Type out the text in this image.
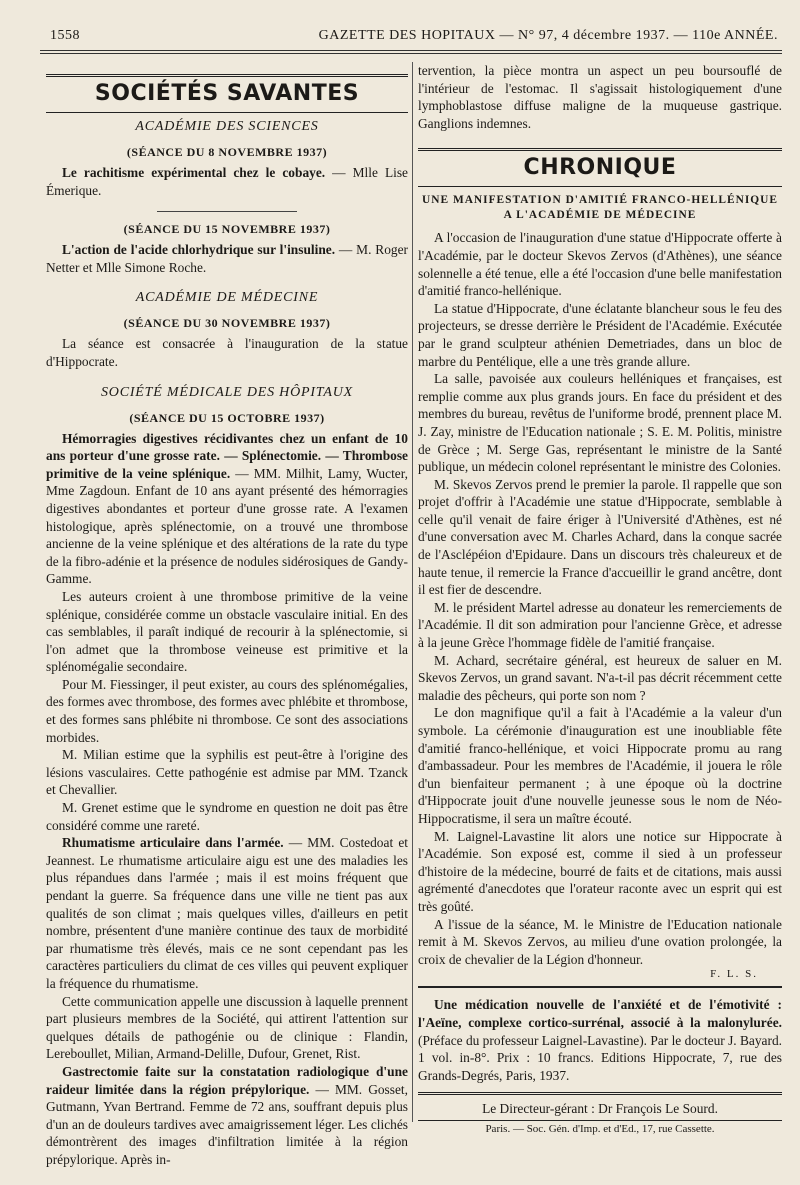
1558	GAZETTE DES HOPITAUX — N° 97, 4 décembre 1937. — 110e ANNÉE.
SOCIÉTÉS SAVANTES
ACADÉMIE DES SCIENCES
(SÉANCE DU 8 NOVEMBRE 1937)

Le rachitisme expérimental chez le cobaye. — Mlle Lise Émerique.

(SÉANCE DU 15 NOVEMBRE 1937)

L'action de l'acide chlorhydrique sur l'insuline. — M. Roger Netter et Mlle Simone Roche.

ACADÉMIE DE MÉDECINE
(SÉANCE DU 30 NOVEMBRE 1937)

La séance est consacrée à l'inauguration de la statue d'Hippocrate.

SOCIÉTÉ MÉDICALE DES HÔPITAUX
(SÉANCE DU 15 OCTOBRE 1937)

Hémorragies digestives récidivantes chez un enfant de 10 ans porteur d'une grosse rate. — Splénectomie. — Thrombose primitive de la veine splénique. — MM. Milhit, Lamy, Wucter, Mme Zagdoun. Enfant de 10 ans ayant présenté des hémorragies digestives abondantes et porteur d'une grosse rate. A l'examen histologique, après splénectomie, on a trouvé une thrombose ancienne de la veine splénique et des altérations de la rate du type de la fibro-adénie et la présence de nodules sidérosiques de Gandy-Gamme.

Les auteurs croient à une thrombose primitive de la veine splénique, considérée comme un obstacle vasculaire initial. En des cas semblables, il paraît indiqué de recourir à la splénectomie, si l'on admet que la thrombose veineuse est primitive et la splénomégalie secondaire.

Pour M. Fiessinger, il peut exister, au cours des splénomégalies, des formes avec thrombose, des formes avec phlébite et thrombose, et des formes sans phlébite ni thrombose. Ce sont des associations morbides.

M. Milian estime que la syphilis est peut-être à l'origine des lésions vasculaires. Cette pathogénie est admise par MM. Tzanck et Chevallier.

M. Grenet estime que le syndrome en question ne doit pas être considéré comme une rareté.

Rhumatisme articulaire dans l'armée. — MM. Costedoat et Jeannest. Le rhumatisme articulaire aigu est une des maladies les plus répandues dans l'armée ; mais il est moins fréquent que pendant la guerre. Sa fréquence dans une ville ne tient pas aux qualités de son climat ; mais quelques villes, d'ailleurs en petit nombre, présentent d'une manière continue des taux de morbidité par rhumatisme très élevés, mais ce ne sont cependant pas les caractères particuliers du climat de ces villes qui peuvent expliquer la fréquence du rhumatisme.

Cette communication appelle une discussion à laquelle prennent part plusieurs membres de la Société, qui attirent l'attention sur quelques détails de pathogénie ou de clinique : Flandin, Lereboullet, Milian, Armand-Delille, Dufour, Grenet, Rist.

Gastrectomie faite sur la constatation radiologique d'une raideur limitée dans la région prépylorique. — MM. Gosset, Gutmann, Yvan Bertrand. Femme de 72 ans, souffrant depuis plus d'un an de douleurs tardives avec amaigrissement léger. Les clichés démontrèrent des images d'infiltration limitée à la région prépylorique. Après in-

tervention, la pièce montra un aspect un peu boursouflé de l'intérieur de l'estomac. Il s'agissait histologiquement d'une lymphoblastose diffuse maligne de la muqueuse gastrique. Ganglions indemnes.

CHRONIQUE
UNE MANIFESTATION D'AMITIÉ FRANCO-HELLÉNIQUE
A L'ACADÉMIE DE MÉDECINE

A l'occasion de l'inauguration d'une statue d'Hippocrate offerte à l'Académie, par le docteur Skevos Zervos (d'Athènes), une séance solennelle a été tenue, elle a été l'occasion d'une belle manifestation d'amitié franco-hellénique.

La statue d'Hippocrate, d'une éclatante blancheur sous le feu des projecteurs, se dresse derrière le Président de l'Académie. Exécutée par le grand sculpteur athénien Demetriades, dans un bloc de marbre du Pentélique, elle a une très grande allure.

La salle, pavoisée aux couleurs helléniques et françaises, est remplie comme aux plus grands jours. En face du président et des membres du bureau, revêtus de l'uniforme brodé, prennent place M. J. Zay, ministre de l'Education nationale ; S. E. M. Politis, ministre de Grèce ; M. Serge Gas, représentant le ministre de la Santé publique, un médecin colonel représentant le ministre des Colonies.

M. Skevos Zervos prend le premier la parole. Il rappelle que son projet d'offrir à l'Académie une statue d'Hippocrate, semblable à celle qu'il venait de faire ériger à l'Université d'Athènes, est né d'une conversation avec M. Charles Achard, dans la conque sacrée de l'Asclépéion d'Epidaure. Dans un discours très chaleureux et de haute tenue, il remercie la France d'accueillir le grand ancêtre, dont il est fier de descendre.

M. le président Martel adresse au donateur les remerciements de l'Académie. Il dit son admiration pour l'ancienne Grèce, et adresse à la jeune Grèce l'hommage fidèle de l'amitié française.

M. Achard, secrétaire général, est heureux de saluer en M. Skevos Zervos, un grand savant. N'a-t-il pas décrit récemment cette maladie des pêcheurs, qui porte son nom ?

Le don magnifique qu'il a fait à l'Académie a la valeur d'un symbole. La cérémonie d'inauguration est une inoubliable fête d'amitié franco-hellénique, et voici Hippocrate promu au rang d'ambassadeur. Pour les membres de l'Académie, il jouera le rôle d'un bienfaiteur permanent ; à une époque où la doctrine d'Hippocrate jouit d'une nouvelle jeunesse sous le nom de Néo-Hippocratisme, il sera un maître écouté.

M. Laignel-Lavastine lit alors une notice sur Hippocrate à l'Académie. Son exposé est, comme il sied à un professeur d'histoire de la médecine, bourré de faits et de citations, mais aussi agrémenté d'anecdotes que l'orateur raconte avec un esprit qui est très goûté.

A l'issue de la séance, M. le Ministre de l'Education nationale remit à M. Skevos Zervos, au milieu d'une ovation prolongée, la croix de chevalier de la Légion d'honneur.

F. L. S.

Une médication nouvelle de l'anxiété et de l'émotivité : l'Aeïne, complexe cortico-surrénal, associé à la malonylurée. (Préface du professeur Laignel-Lavastine). Par le docteur J. Bayard. 1 vol. in-8°. Prix : 10 francs. Editions Hippocrate, 7, rue des Grands-Degrés, Paris, 1937.

Le Directeur-gérant : Dr François Le Sourd.
Paris. — Soc. Gén. d'Imp. et d'Ed., 17, rue Cassette.
